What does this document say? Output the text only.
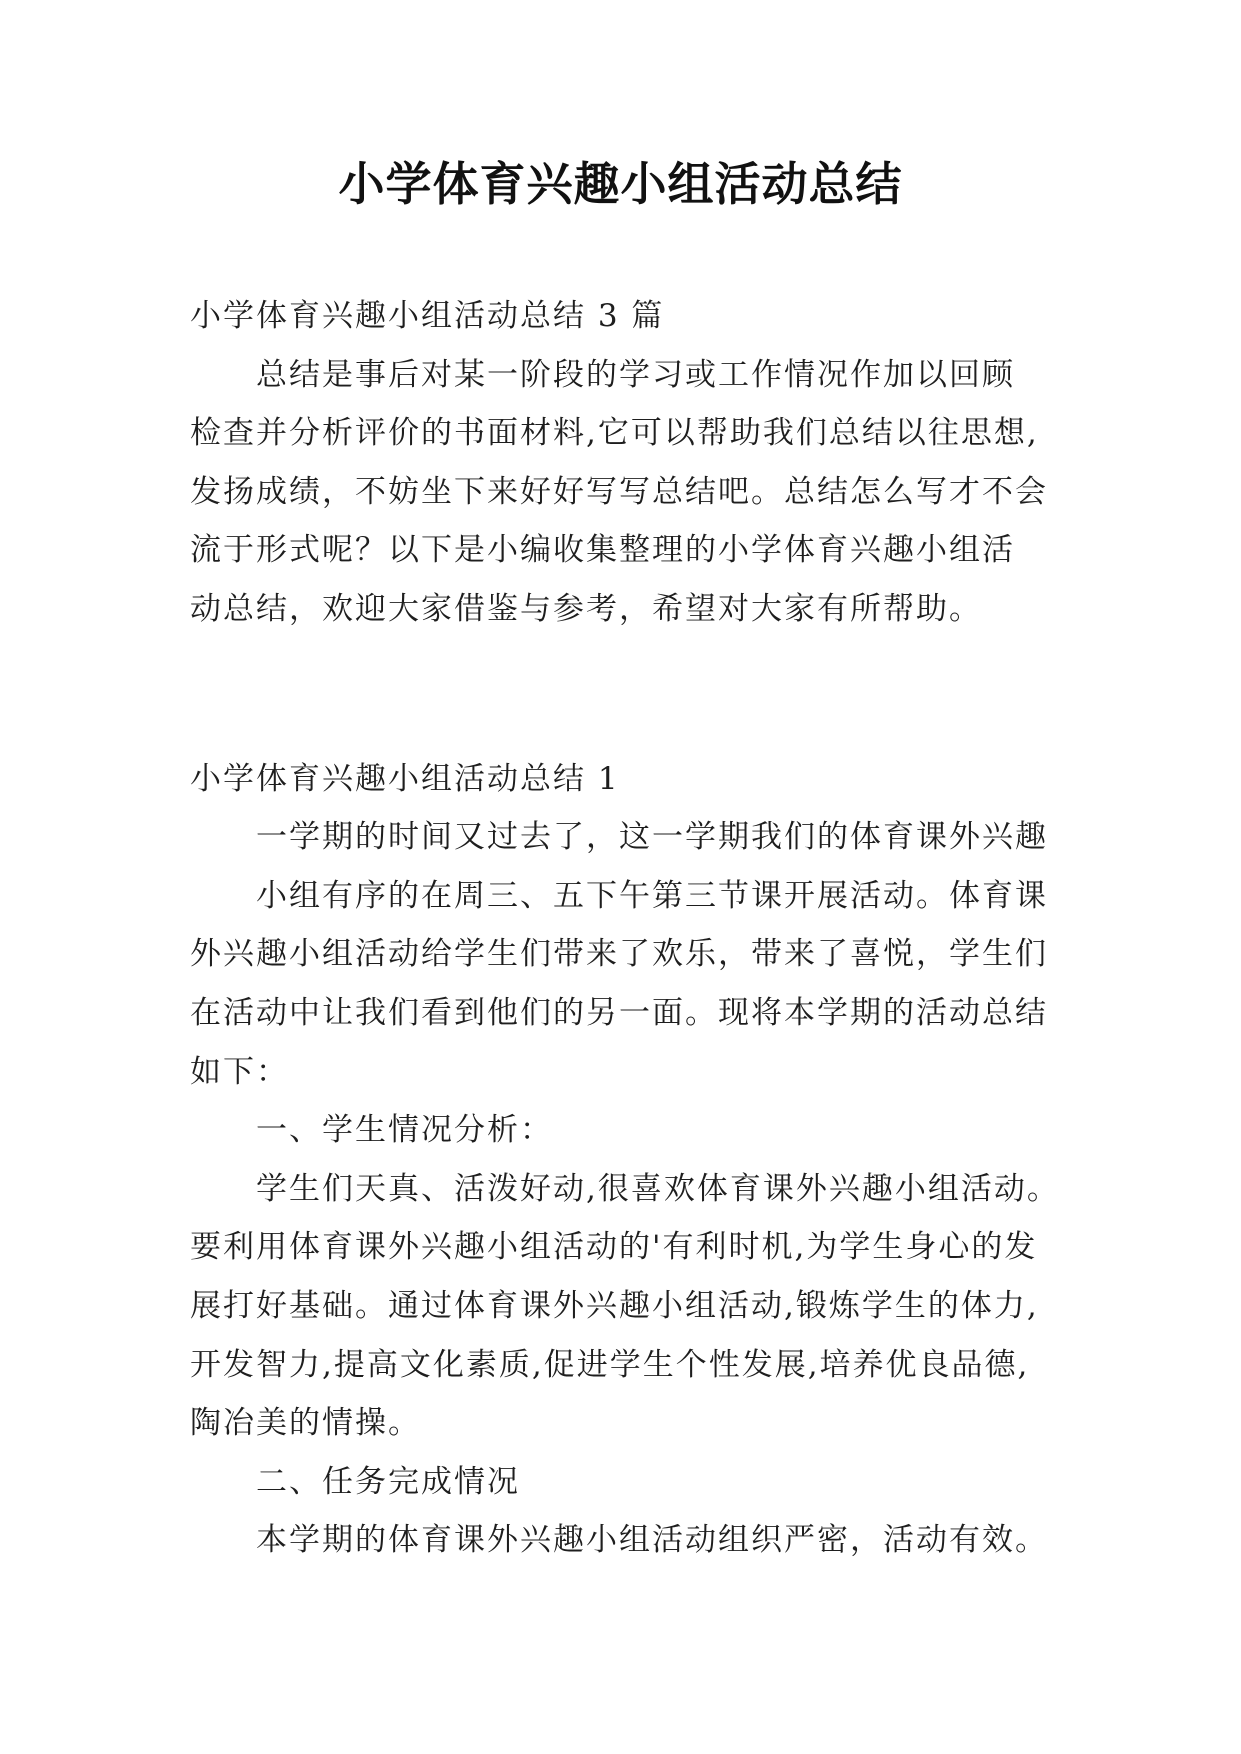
小学体育兴趣小组活动总结
小学体育兴趣小组活动总结 3 篇
总结是事后对某一阶段的学习或工作情况作加以回顾
检查并分析评价的书面材料,它可以帮助我们总结以往思想,
发扬成绩，不妨坐下来好好写写总结吧。总结怎么写才不会
流于形式呢？以下是小编收集整理的小学体育兴趣小组活
动总结，欢迎大家借鉴与参考，希望对大家有所帮助。
小学体育兴趣小组活动总结 1
一学期的时间又过去了，这一学期我们的体育课外兴趣
小组有序的在周三、五下午第三节课开展活动。体育课
外兴趣小组活动给学生们带来了欢乐，带来了喜悦，学生们
在活动中让我们看到他们的另一面。现将本学期的活动总结
如下：
一、学生情况分析：
学生们天真、活泼好动,很喜欢体育课外兴趣小组活动。
要利用体育课外兴趣小组活动的'有利时机,为学生身心的发
展打好基础。通过体育课外兴趣小组活动,锻炼学生的体力,
开发智力,提高文化素质,促进学生个性发展,培养优良品德,
陶冶美的情操。
二、任务完成情况
本学期的体育课外兴趣小组活动组织严密，活动有效。
